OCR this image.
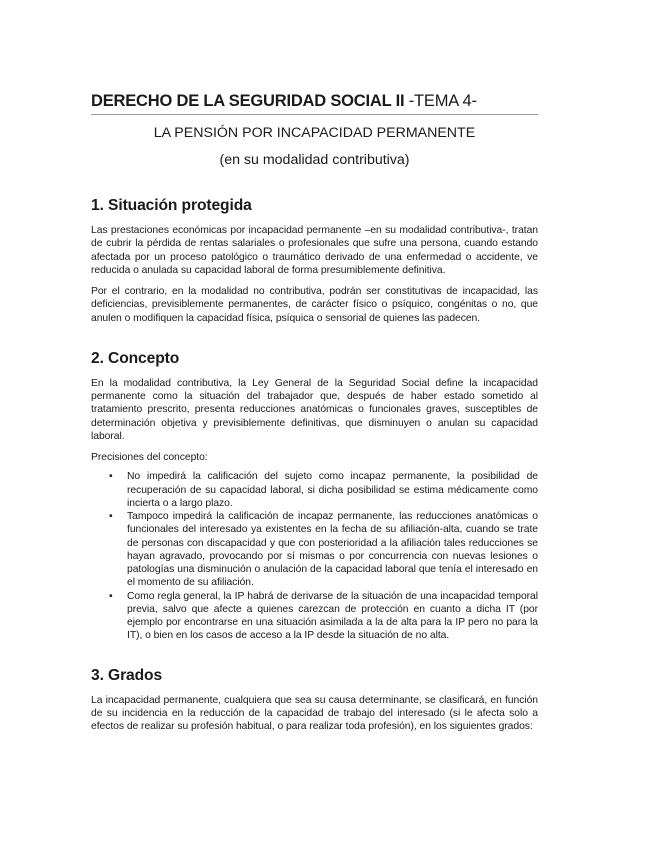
DERECHO DE LA SEGURIDAD SOCIAL II -TEMA 4-
LA PENSIÓN POR INCAPACIDAD PERMANENTE
(en su modalidad contributiva)
1. Situación protegida

Las prestaciones económicas por incapacidad permanente –en su modalidad contributiva-, tratan de cubrir la pérdida de rentas salariales o profesionales que sufre una persona, cuando estando afectada por un proceso patológico o traumático derivado de una enfermedad o accidente, ve reducida o anulada su capacidad laboral de forma presumiblemente definitiva.

Por el contrario, en la modalidad no contributiva, podrán ser constitutivas de incapacidad, las deficiencias, previsiblemente permanentes, de carácter físico o psíquico, congénitas o no, que anulen o modifiquen la capacidad física, psíquica o sensorial de quienes las padecen.

2. Concepto

En la modalidad contributiva, la Ley General de la Seguridad Social define la incapacidad permanente como la situación del trabajador que, después de haber estado sometido al tratamiento prescrito, presenta reducciones anatómicas o funcionales graves, susceptibles de determinación objetiva y previsiblemente definitivas, que disminuyen o anulan su capacidad laboral.

Precisiones del concepto:

• No impedirá la calificación del sujeto como incapaz permanente, la posibilidad de recuperación de su capacidad laboral, si dicha posibilidad se estima médicamente como incierta o a largo plazo.
• Tampoco impedirá la calificación de incapaz permanente, las reducciones anatómicas o funcionales del interesado ya existentes en la fecha de su afiliación-alta, cuando se trate de personas con discapacidad y que con posterioridad a la afiliación tales reducciones se hayan agravado, provocando por sí mismas o por concurrencia con nuevas lesiones o patologías una disminución o anulación de la capacidad laboral que tenía el interesado en el momento de su afiliación.
• Como regla general, la IP habrá de derivarse de la situación de una incapacidad temporal previa, salvo que afecte a quienes carezcan de protección en cuanto a dicha IT (por ejemplo por encontrarse en una situación asimilada a la de alta para la IP pero no para la IT), o bien en los casos de acceso a la IP desde la situación de no alta.
3. Grados

La incapacidad permanente, cualquiera que sea su causa determinante, se clasificará, en función de su incidencia en la reducción de la capacidad de trabajo del interesado (si le afecta solo a efectos de realizar su profesión habitual, o para realizar toda profesión), en los siguientes grados:
